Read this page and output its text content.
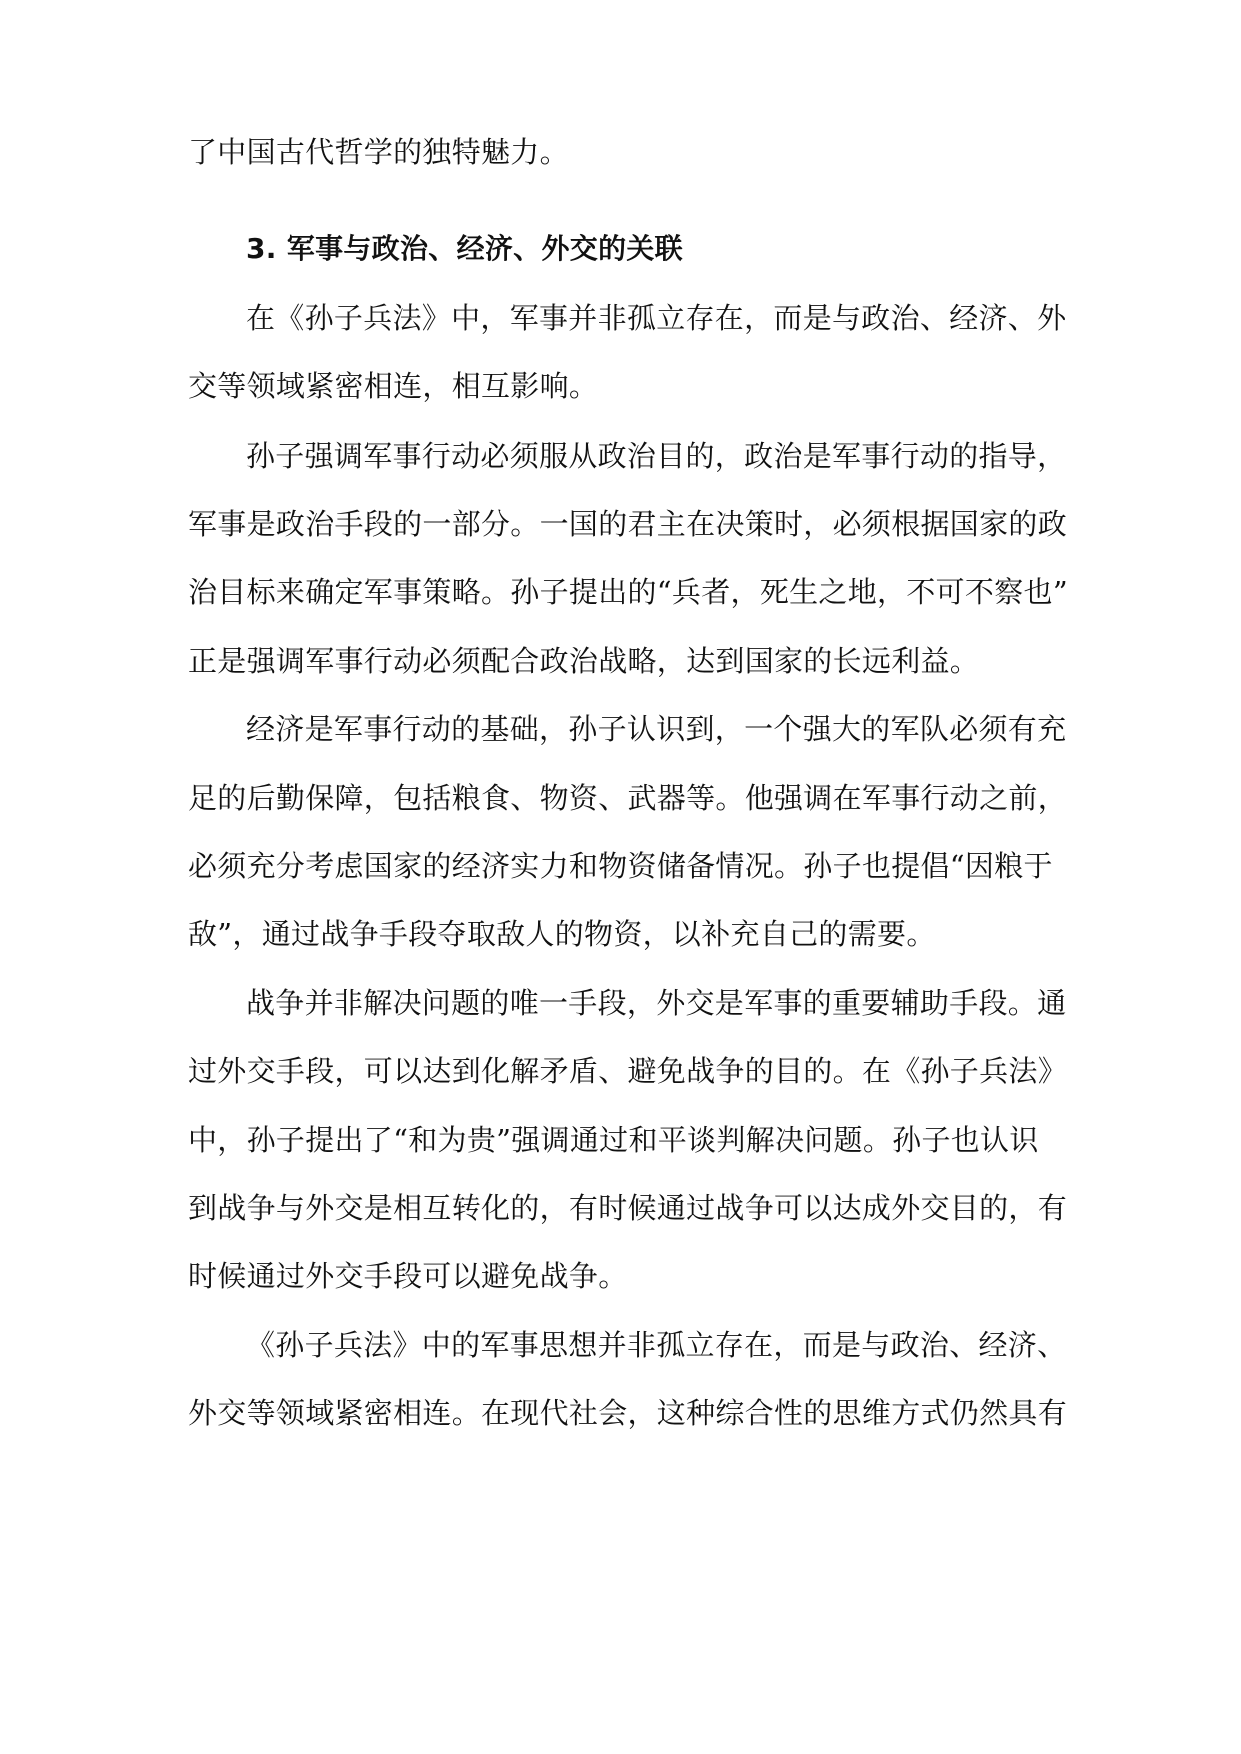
了中国古代哲学的独特魅力。
3. 军事与政治、经济、外交的关联
在《孙子兵法》中，军事并非孤立存在，而是与政治、经济、外
交等领域紧密相连，相互影响。
孙子强调军事行动必须服从政治目的，政治是军事行动的指导，
军事是政治手段的一部分。一国的君主在决策时，必须根据国家的政
治目标来确定军事策略。孙子提出的“兵者，死生之地，不可不察也”
正是强调军事行动必须配合政治战略，达到国家的长远利益。
经济是军事行动的基础，孙子认识到，一个强大的军队必须有充
足的后勤保障，包括粮食、物资、武器等。他强调在军事行动之前，
必须充分考虑国家的经济实力和物资储备情况。孙子也提倡“因粮于
敌”，通过战争手段夺取敌人的物资，以补充自己的需要。
战争并非解决问题的唯一手段，外交是军事的重要辅助手段。通
过外交手段，可以达到化解矛盾、避免战争的目的。在《孙子兵法》
中，孙子提出了“和为贵”强调通过和平谈判解决问题。孙子也认识
到战争与外交是相互转化的，有时候通过战争可以达成外交目的，有
时候通过外交手段可以避免战争。
《孙子兵法》中的军事思想并非孤立存在，而是与政治、经济、
外交等领域紧密相连。在现代社会，这种综合性的思维方式仍然具有
